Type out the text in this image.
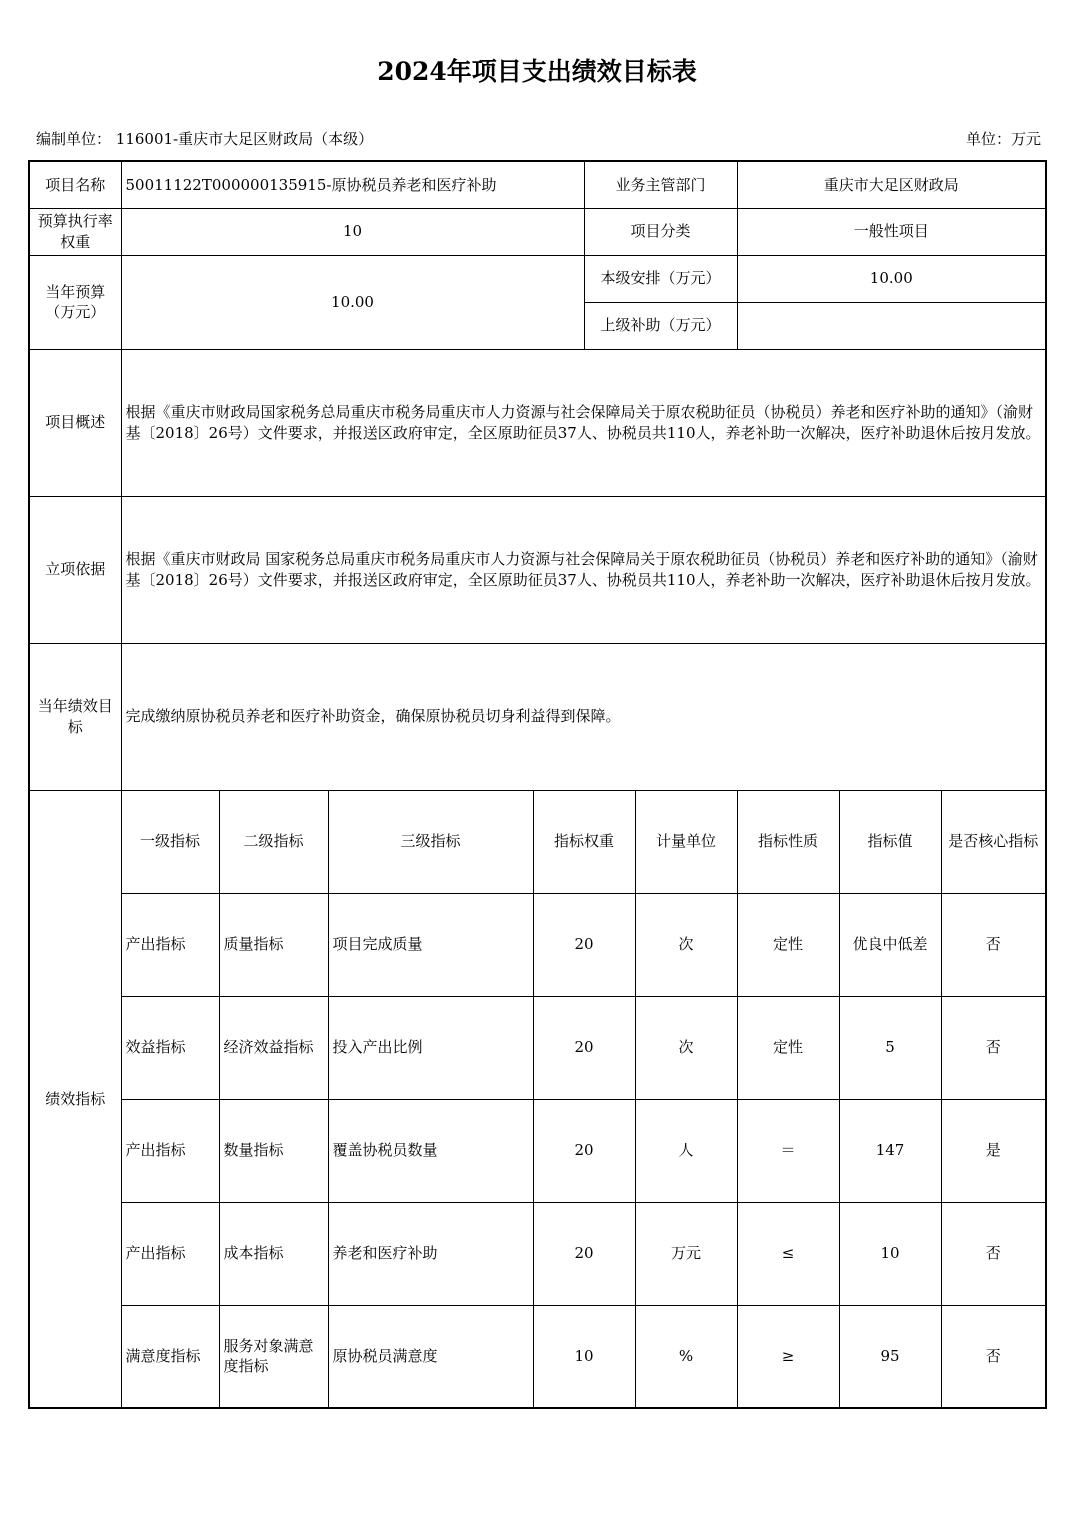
2024年项目支出绩效目标表
编制单位： 116001-重庆市大足区财政局（本级）	单位：万元
项目名称	50011122T000000135915-原协税员养老和医疗补助				业务主管部门		重庆市大足区财政局		
预算执行率权重	10				项目分类		一般性项目		
当年预算（万元）	10.00				本级安排（万元）		10.00		
					上级补助（万元）				
项目概述	根据《重庆市财政局国家税务总局重庆市税务局重庆市人力资源与社会保障局关于原农税助征员（协税员）养老和医疗补助的通知》（渝财基〔2018〕26号）文件要求，并报送区政府审定，全区原助征员37人、协税员共110人，养老补助一次解决，医疗补助退休后按月发放。								
立项依据	根据《重庆市财政局 国家税务总局重庆市税务局重庆市人力资源与社会保障局关于原农税助征员（协税员）养老和医疗补助的通知》（渝财基〔2018〕26号）文件要求，并报送区政府审定，全区原助征员37人、协税员共110人，养老补助一次解决，医疗补助退休后按月发放。								
当年绩效目标	完成缴纳原协税员养老和医疗补助资金，确保原协税员切身利益得到保障。								
绩效指标	一级指标	二级指标	三级指标	指标权重		计量单位	指标性质	指标值	是否核心指标
	产出指标	质量指标	项目完成质量	20		次	定性	优良中低差	否
	效益指标	经济效益指标	投入产出比例	20		次	定性	5	否
	产出指标	数量指标	覆盖协税员数量	20		人	＝	147	是
	产出指标	成本指标	养老和医疗补助	20		万元	≤	10	否
	满意度指标	服务对象满意度指标	原协税员满意度	10		%	≥	95	否
